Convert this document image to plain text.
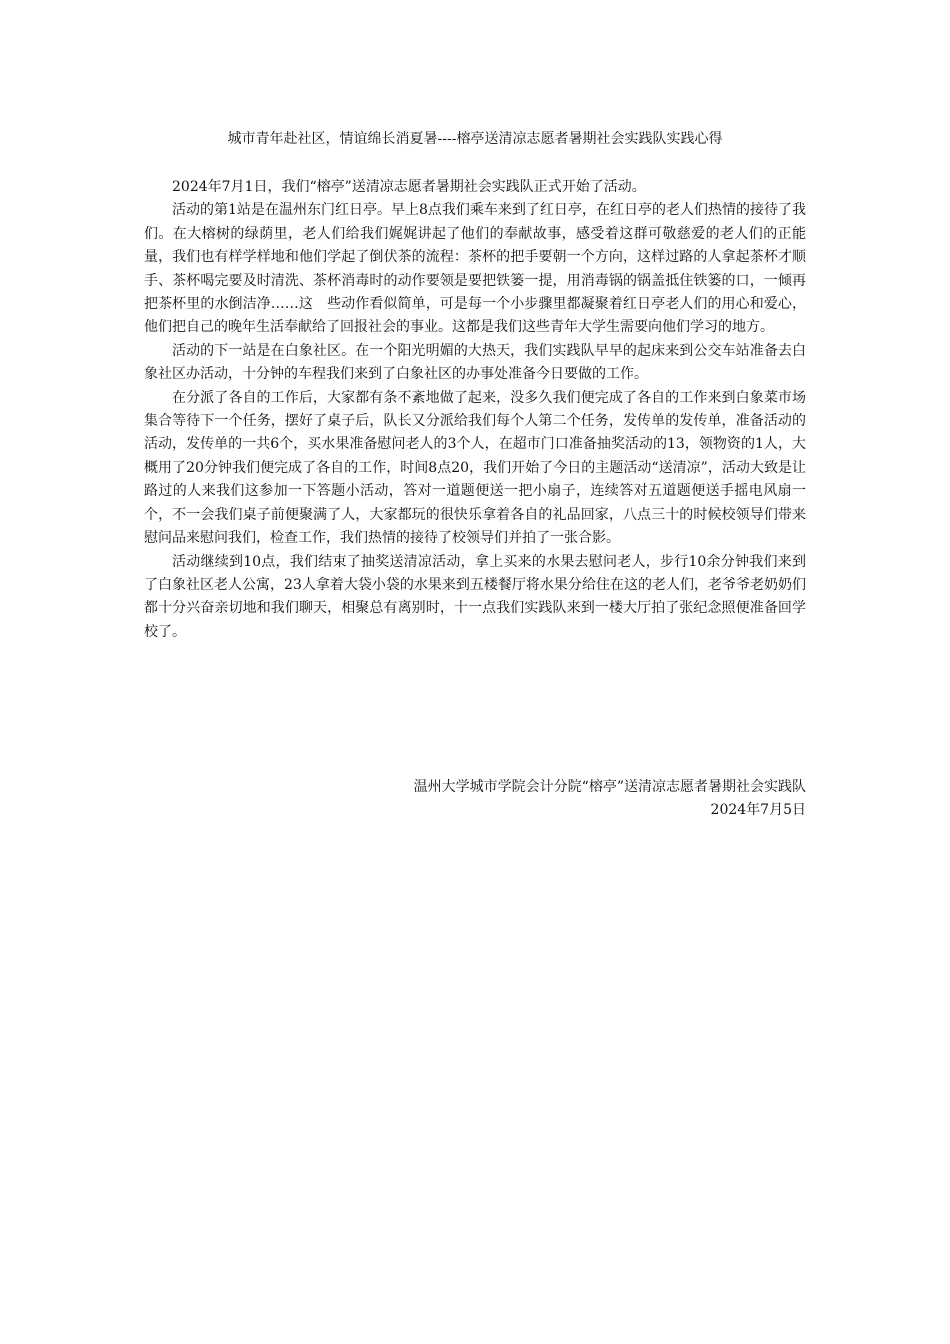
城市青年赴社区，情谊绵长消夏暑----榕亭送清凉志愿者暑期社会实践队实践心得

2024年7月1日，我们“榕亭”送清凉志愿者暑期社会实践队正式开始了活动。

活动的第1站是在温州东门红日亭。早上8点我们乘车来到了红日亭，在红日亭的老人们热情的接待了我们。在大榕树的绿荫里，老人们给我们娓娓讲起了他们的奉献故事，感受着这群可敬慈爱的老人们的正能量，我们也有样学样地和他们学起了倒伏茶的流程：茶杯的把手要朝一个方向，这样过路的人拿起茶杯才顺手、茶杯喝完要及时清洗、茶杯消毒时的动作要领是要把铁篓一提，用消毒锅的锅盖抵住铁篓的口，一倾再把茶杯里的水倒洁净……这　些动作看似简单，可是每一个小步骤里都凝聚着红日亭老人们的用心和爱心，他们把自己的晚年生活奉献给了回报社会的事业。这都是我们这些青年大学生需要向他们学习的地方。

活动的下一站是在白象社区。在一个阳光明媚的大热天，我们实践队早早的起床来到公交车站准备去白象社区办活动，十分钟的车程我们来到了白象社区的办事处准备今日要做的工作。

在分派了各自的工作后，大家都有条不紊地做了起来，没多久我们便完成了各自的工作来到白象菜市场集合等待下一个任务，摆好了桌子后，队长又分派给我们每个人第二个任务，发传单的发传单，准备活动的活动，发传单的一共6个，买水果准备慰问老人的3个人，在超市门口准备抽奖活动的13，领物资的1人，大概用了20分钟我们便完成了各自的工作，时间8点20，我们开始了今日的主题活动“送清凉”，活动大致是让路过的人来我们这参加一下答题小活动，答对一道题便送一把小扇子，连续答对五道题便送手摇电风扇一个，不一会我们桌子前便聚满了人，大家都玩的很快乐拿着各自的礼品回家，八点三十的时候校领导们带来慰问品来慰问我们，检查工作，我们热情的接待了校领导们并拍了一张合影。

活动继续到10点，我们结束了抽奖送清凉活动，拿上买来的水果去慰问老人，步行10余分钟我们来到了白象社区老人公寓，23人拿着大袋小袋的水果来到五楼餐厅将水果分给住在这的老人们，老爷爷老奶奶们都十分兴奋亲切地和我们聊天，相聚总有离别时，十一点我们实践队来到一楼大厅拍了张纪念照便准备回学校了。

温州大学城市学院会计分院“榕亭”送清凉志愿者暑期社会实践队
2024年7月5日
